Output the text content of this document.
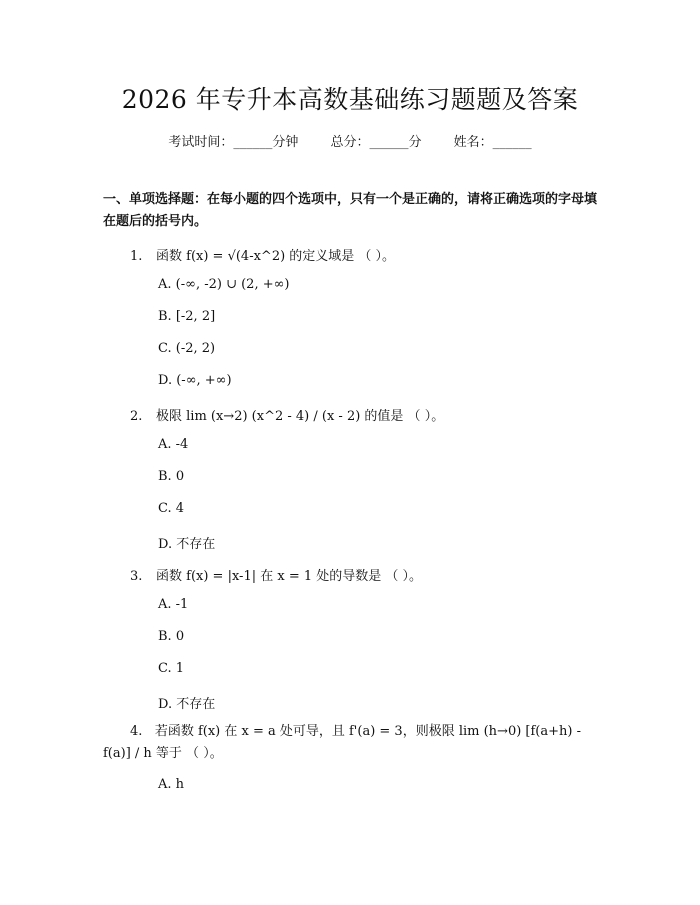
2026 年专升本高数基础练习题题及答案
考试时间：______分钟 总分：______分 姓名：______
一、单项选择题：在每小题的四个选项中，只有一个是正确的，请将正确选项的字母填在题后的括号内。
1. 函数 f(x) = √(4-x^2) 的定义域是 （ ）。
A. (-∞, -2) ∪ (2, +∞)
B. [-2, 2]
C. (-2, 2)
D. (-∞, +∞)
2. 极限 lim (x→2) (x^2 - 4) / (x - 2) 的值是 （ ）。
A. -4
B. 0
C. 4
D. 不存在
3. 函数 f(x) = |x-1| 在 x = 1 处的导数是 （ ）。
A. -1
B. 0
C. 1
D. 不存在
4. 若函数 f(x) 在 x = a 处可导，且 f'(a) = 3，则极限 lim (h→0) [f(a+h) - f(a)] / h 等于 （ ）。
A. h
